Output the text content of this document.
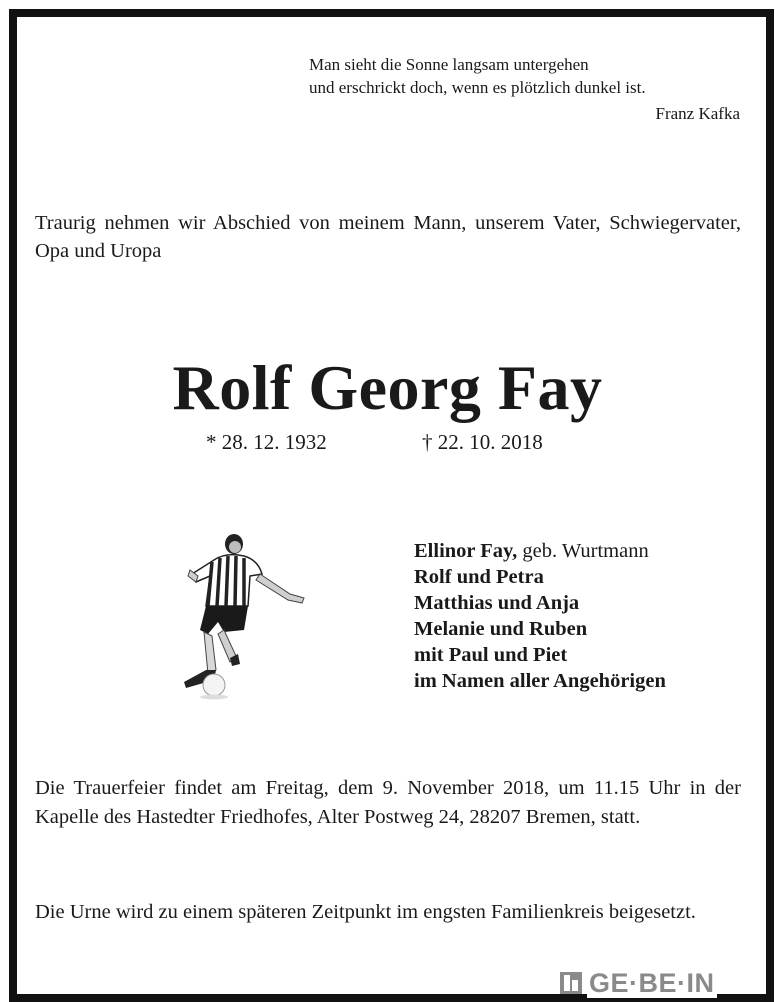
Man sieht die Sonne langsam untergehen
und erschrickt doch, wenn es plötzlich dunkel ist.
Franz Kafka
Traurig nehmen wir Abschied von meinem Mann, unserem Vater, Schwiegervater, Opa und Uropa
Rolf Georg Fay
* 28. 12. 1932	† 22. 10. 2018
Ellinor Fay, geb. Wurtmann
Rolf und Petra
Matthias und Anja
Melanie und Ruben
mit Paul und Piet
im Namen aller Angehörigen
Die Trauerfeier findet am Freitag, dem 9. November 2018, um 11.15 Uhr in der Kapelle des Hastedter Friedhofes, Alter Postweg 24, 28207 Bremen, statt.
Die Urne wird zu einem späteren Zeitpunkt im engsten Familienkreis beigesetzt.
GE·BE·IN
